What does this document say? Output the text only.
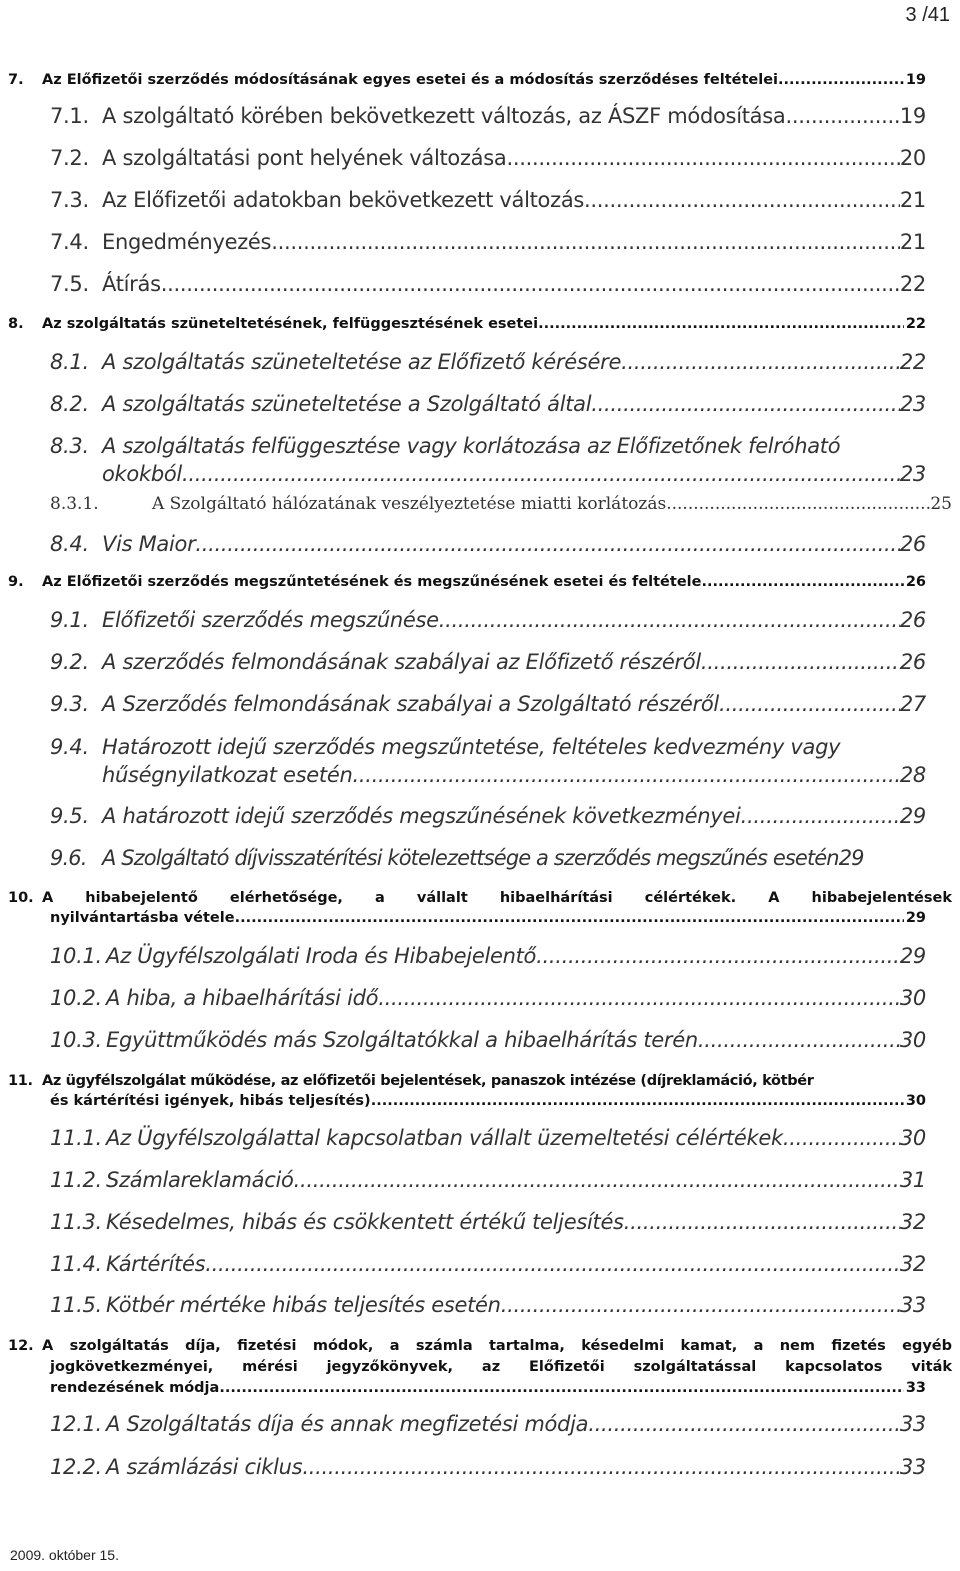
3 /41
7.	Az Előfizetői szerződés módosításának egyes esetei és a módosítás szerződéses feltételei .....	19
7.1. A szolgáltató körében bekövetkezett változás, az ÁSZF módosítása .....	19
7.2. A szolgáltatási pont helyének változása .....	20
7.3. Az Előfizetői adatokban bekövetkezett változás .....	21
7.4. Engedményezés .....	21
7.5. Átírás .....	22
8.	Az szolgáltatás szüneteltetésének, felfüggesztésének esetei. .....	22
8.1. A szolgáltatás szüneteltetése az Előfizető kérésére .....	22
8.2. A szolgáltatás szüneteltetése a Szolgáltató által .....	23
8.3. A szolgáltatás felfüggesztése vagy korlátozása az Előfizetőnek felróható
okokból .....	23
8.3.1.	A Szolgáltató hálózatának veszélyeztetése miatti korlátozás .....	25
8.4. Vis Maior .....	26
9.	Az Előfizetői szerződés megszűntetésének és megszűnésének esetei és feltétele .....	26
9.1. Előfizetői szerződés megszűnése .....	26
9.2. A szerződés felmondásának szabályai az Előfizető részéről .....	26
9.3. A Szerződés felmondásának szabályai a Szolgáltató részéről .....	27
9.4. Határozott idejű szerződés megszűntetése, feltételes kedvezmény vagy
hűségnyilatkozat esetén .....	28
9.5. A határozott idejű szerződés megszűnésének következményei .....	29
9.6. A Szolgáltató díjvisszatérítési kötelezettsége a szerződés megszűnés esetén 29
10. A hibabejelentő elérhetősége, a vállalt hibaelhárítási célértékek. A hibabejelentések
nyilvántartásba vétele .....	29
10.1. Az Ügyfélszolgálati Iroda és Hibabejelentő .....	29
10.2. A hiba, a hibaelhárítási idő .....	30
10.3. Együttműködés más Szolgáltatókkal a hibaelhárítás terén .....	30
11. Az ügyfélszolgálat működése, az előfizetői bejelentések, panaszok intézése (díjreklamáció, kötbér
és kártérítési igények, hibás teljesítés) .....	30
11.1. Az Ügyfélszolgálattal kapcsolatban vállalt üzemeltetési célértékek .....	30
11.2. Számlareklamáció .....	31
11.3. Késedelmes, hibás és csökkentett értékű teljesítés .....	32
11.4. Kártérítés .....	32
11.5. Kötbér mértéke hibás teljesítés esetén .....	33
12. A szolgáltatás díja, fizetési módok, a számla tartalma, késedelmi kamat, a nem fizetés egyéb
jogkövetkezményei, mérési jegyzőkönyvek, az Előfizetői szolgáltatással kapcsolatos viták
rendezésének módja .....	33
12.1. A Szolgáltatás díja és annak megfizetési módja .....	33
12.2. A számlázási ciklus .....	33
2009. október 15.
